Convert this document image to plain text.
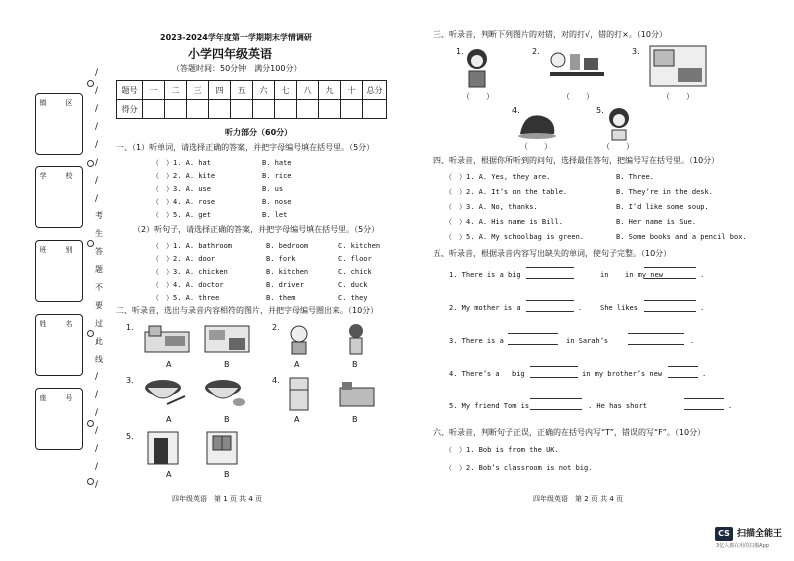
镇　区
学　校
班　别
姓　名
座　号
/
/
/
/
/
/
/
/
考
生
答
题
不
要
过
此
线
/
/
/
/
/
/
/
2023-2024学年度第一学期期末学情调研
小学四年级英语
（答题时间：50分钟　满分100分）
题号	一	二	三	四	五	六	七	八	九	十	总分
得分											
听力部分（60分）
一、（1）听单词，请选择正确的答案，并把字母编号填在括号里。（5分）
（　）1. A. hat	B. hate
（　）2. A. kite	B. rice
（　）3. A. use	B. us
（　）4. A. rose	B. nose
（　）5. A. get	B. let
（2）听句子，请选择正确的答案，并把字母编号填在括号里。（5分）
（　）1. A. bathroom	B. bedroom	C. kitchen
（　）2. A. door	B. fork	C. floor
（　）3. A. chicken	B. kitchen	C. chick
（　）4. A. doctor	B. driver	C. duck
（　）5. A. three	B. them	C. they
二、听录音，选出与录音内容相符的图片，并把字母编号圈出来。（10分）
1.
A	B
2.
A	B
3.
A	B
4.
A	B
5.
A	B
四年级英语　第 1 页 共 4 页
三、听录音，判断下列图片的对错，对的打√，错的打×。（10分）
1.
（　　）
2.
（　　）
3.
（　　）
4.
（　　）
5.
（　　）
四、听录音，根据你所听到的问句，选择最佳答句，把编号写在括号里。（10分）
（　）1. A. Yes, they are.	B. Three.
（　）2. A. It’s on the table.	B. They’re in the desk.
（　）3. A. No, thanks.	B. I’d like some soup.
（　）4. A. His name is Bill.	B. Her name is Sue.
（　）5. A. My schoolbag is green.	B. Some books and a pencil box.
五、听录音，根据录音内容写出缺失的单词，使句子完整。（10分）
1. There is a big	in in my new	.
2. My mother is a	.	She likes	.
3. There is a	in Sarah’s	.
4. There’s a big	in my brother’s new	.
5. My friend Tom is	. He has short	.
六、听录音，判断句子正误，正确的在括号内写“T”，错误的写“F”。（10分）
（　）1. Bob is from the UK.
（　）2. Bob’s classroom is not big.
四年级英语　第 2 页 共 4 页
CS 扫描全能王
3亿人都在用的扫描App
